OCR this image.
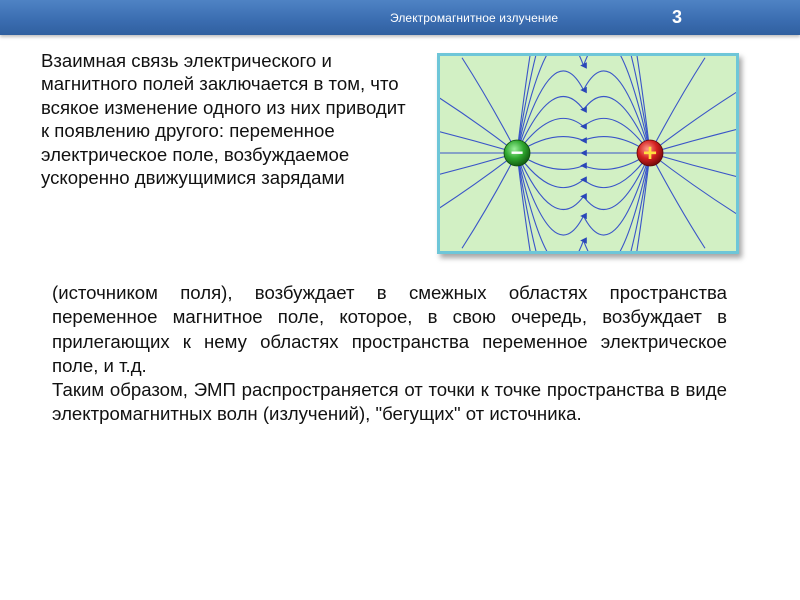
Электромагнитное излучение	3

Взаимная связь электрического и магнитного полей заключается в том, что всякое изменение одного из них приводит к появлению другого: переменное электрическое поле, возбуждаемое ускоренно движущимися зарядами

−	+

(источником поля), возбуждает в смежных областях пространства переменное магнитное поле, которое, в свою очередь, возбуждает в прилегающих к нему областях пространства переменное электрическое поле, и т.д.

Таким образом, ЭМП распространяется от точки к точке пространства в виде электромагнитных волн (излучений), "бегущих" от источника.
